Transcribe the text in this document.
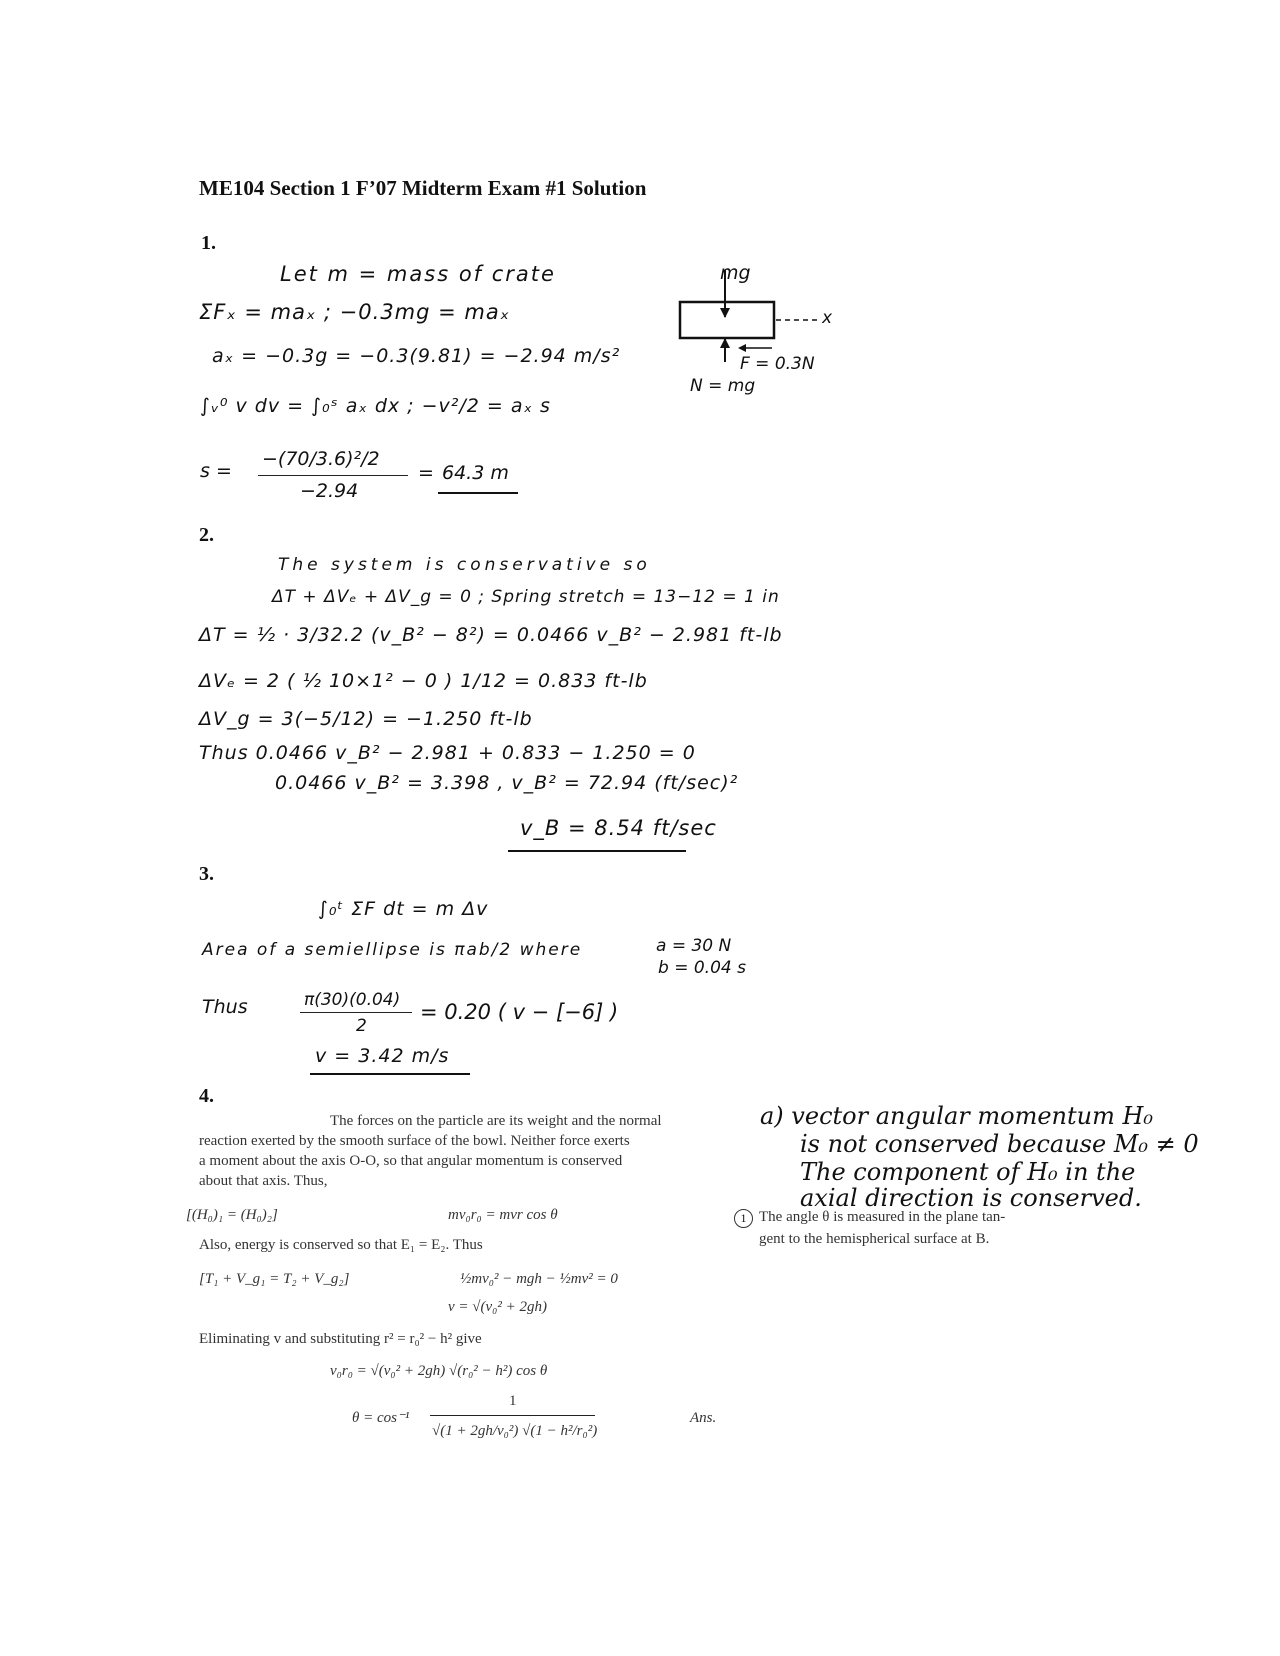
ME104 Section 1 F’07 Midterm Exam #1 Solution
1.
Let m = mass of crate
ΣFₓ = maₓ ; −0.3mg = maₓ
aₓ = −0.3g = −0.3(9.81) = −2.94 m/s²
∫ᵥ⁰ v dv = ∫₀ˢ aₓ dx ; −v²/2 = aₓ s
s =
−(70/3.6)²/2
−2.94
= 64.3 m
mg
x
F = 0.3N
N = mg
2.
The system is conservative so
ΔT + ΔVₑ + ΔV_g = 0 ; Spring stretch = 13−12 = 1 in
ΔT = ½ · 3/32.2 (v_B² − 8²) = 0.0466 v_B² − 2.981 ft-lb
ΔVₑ = 2 ( ½ 10×1² − 0 ) 1/12 = 0.833 ft-lb
ΔV_g = 3(−5/12) = −1.250 ft-lb
Thus 0.0466 v_B² − 2.981 + 0.833 − 1.250 = 0
0.0466 v_B² = 3.398 , v_B² = 72.94 (ft/sec)²
v_B = 8.54 ft/sec
3.
∫₀ᵗ ΣF dt = m Δv
Area of a semiellipse is πab/2 where	a = 30 N
b = 0.04 s
Thus	π(30)(0.04)
2
= 0.20 ( v − [−6] )
v = 3.42 m/s
4.
The forces on the particle are its weight and the normal
reaction exerted by the smooth surface of the bowl. Neither force exerts
a moment about the axis O-O, so that angular momentum is conserved
about that axis. Thus,
[(H₀)₁ = (H₀)₂]	mv₀r₀ = mvr cos θ
Also, energy is conserved so that E₁ = E₂. Thus
[T₁ + V_g₁ = T₂ + V_g₂]	½mv₀² − mgh − ½mv² = 0
v = √(v₀² + 2gh)
Eliminating v and substituting r² = r₀² − h² give
v₀r₀ = √(v₀² + 2gh) √(r₀² − h²) cos θ
θ = cos⁻¹
1
√(1 + 2gh/v₀²) √(1 − h²/r₀²)
Ans.
a) vector angular momentum H₀
is not conserved because M₀ ≠ 0
The component of H₀ in the
axial direction is conserved.
1 The angle θ is measured in the plane tan-
gent to the hemispherical surface at B.
